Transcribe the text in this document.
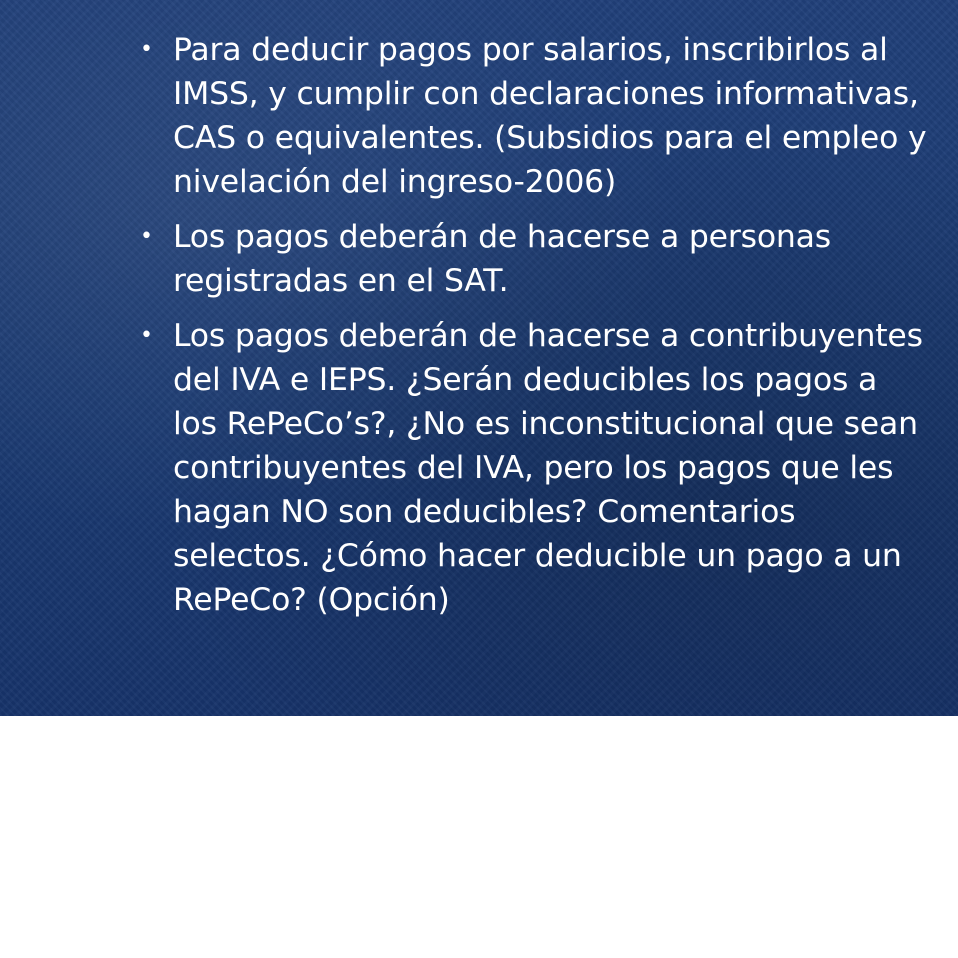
• Para deducir pagos por salarios, inscribirlos al IMSS, y cumplir con declaraciones informativas, CAS o equivalentes. (Subsidios para el empleo y nivelación del ingreso-2006)
• Los pagos deberán de hacerse a personas registradas en el SAT.
• Los pagos deberán de hacerse a contribuyentes del IVA e IEPS. ¿Serán deducibles los pagos a los RePeCo’s?, ¿No es inconstitucional que sean contribuyentes del IVA, pero los pagos que les hagan NO son deducibles? Comentarios selectos. ¿Cómo hacer deducible un pago a un RePeCo? (Opción)
